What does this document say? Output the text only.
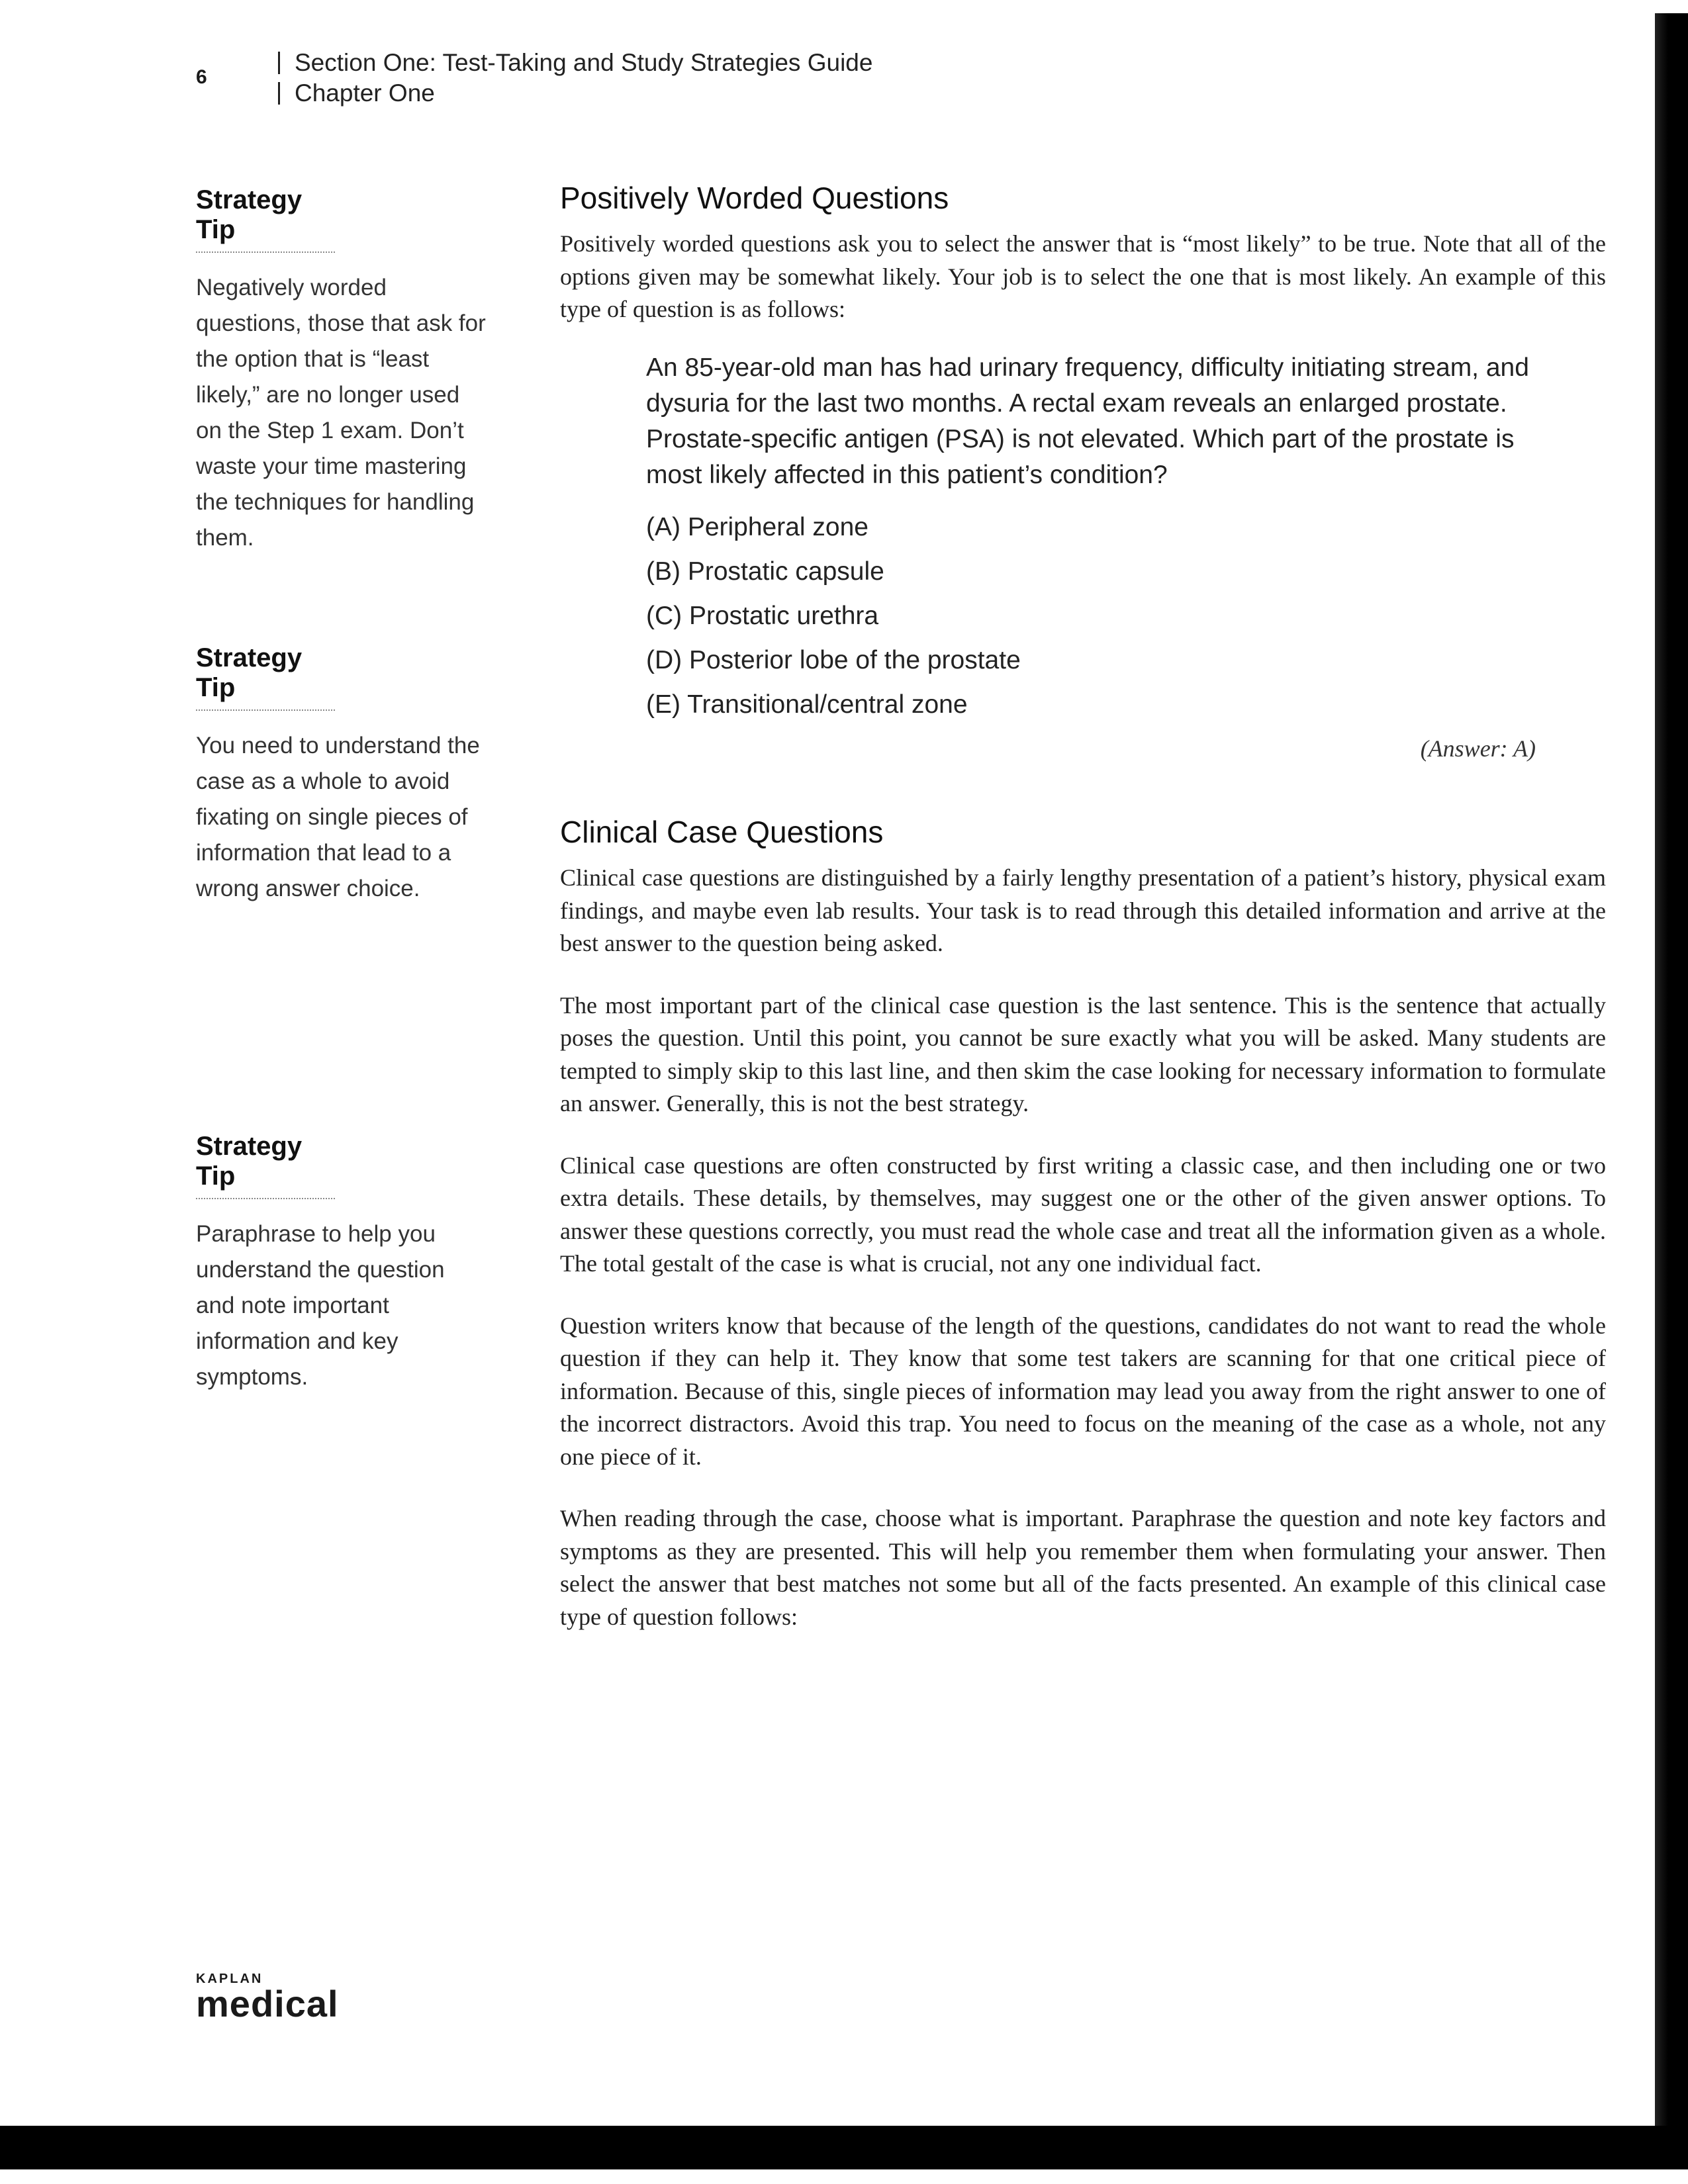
6
Section One: Test-Taking and Study Strategies Guide
Chapter One
Strategy Tip
Negatively worded questions, those that ask for the option that is “least likely,” are no longer used on the Step 1 exam. Don’t waste your time mastering the techniques for handling them.
Strategy Tip
You need to understand the case as a whole to avoid fixating on single pieces of information that lead to a wrong answer choice.
Strategy Tip
Paraphrase to help you understand the question and note important information and key symptoms.
Positively Worded Questions

Positively worded questions ask you to select the answer that is “most likely” to be true. Note that all of the options given may be somewhat likely. Your job is to select the one that is most likely. An example of this type of question is as follows:

An 85-year-old man has had urinary frequency, difficulty initiating stream, and dysuria for the last two months. A rectal exam reveals an enlarged prostate. Prostate-specific antigen (PSA) is not elevated. Which part of the prostate is most likely affected in this patient’s condition?

(A) Peripheral zone
(B) Prostatic capsule
(C) Prostatic urethra
(D) Posterior lobe of the prostate
(E) Transitional/central zone
(Answer: A)
Clinical Case Questions

Clinical case questions are distinguished by a fairly lengthy presentation of a patient’s history, physical exam findings, and maybe even lab results. Your task is to read through this detailed information and arrive at the best answer to the question being asked.

The most important part of the clinical case question is the last sentence. This is the sentence that actually poses the question. Until this point, you cannot be sure exactly what you will be asked. Many students are tempted to simply skip to this last line, and then skim the case looking for necessary information to formulate an answer. Generally, this is not the best strategy.

Clinical case questions are often constructed by first writing a classic case, and then including one or two extra details. These details, by themselves, may suggest one or the other of the given answer options. To answer these questions correctly, you must read the whole case and treat all the information given as a whole. The total gestalt of the case is what is crucial, not any one individual fact.

Question writers know that because of the length of the questions, candidates do not want to read the whole question if they can help it. They know that some test takers are scanning for that one critical piece of information. Because of this, single pieces of information may lead you away from the right answer to one of the incorrect distractors. Avoid this trap. You need to focus on the meaning of the case as a whole, not any one piece of it.

When reading through the case, choose what is important. Paraphrase the question and note key factors and symptoms as they are presented. This will help you remember them when formulating your answer. Then select the answer that best matches not some but all of the facts presented. An example of this clinical case type of question follows:

KAPLAN
medical
